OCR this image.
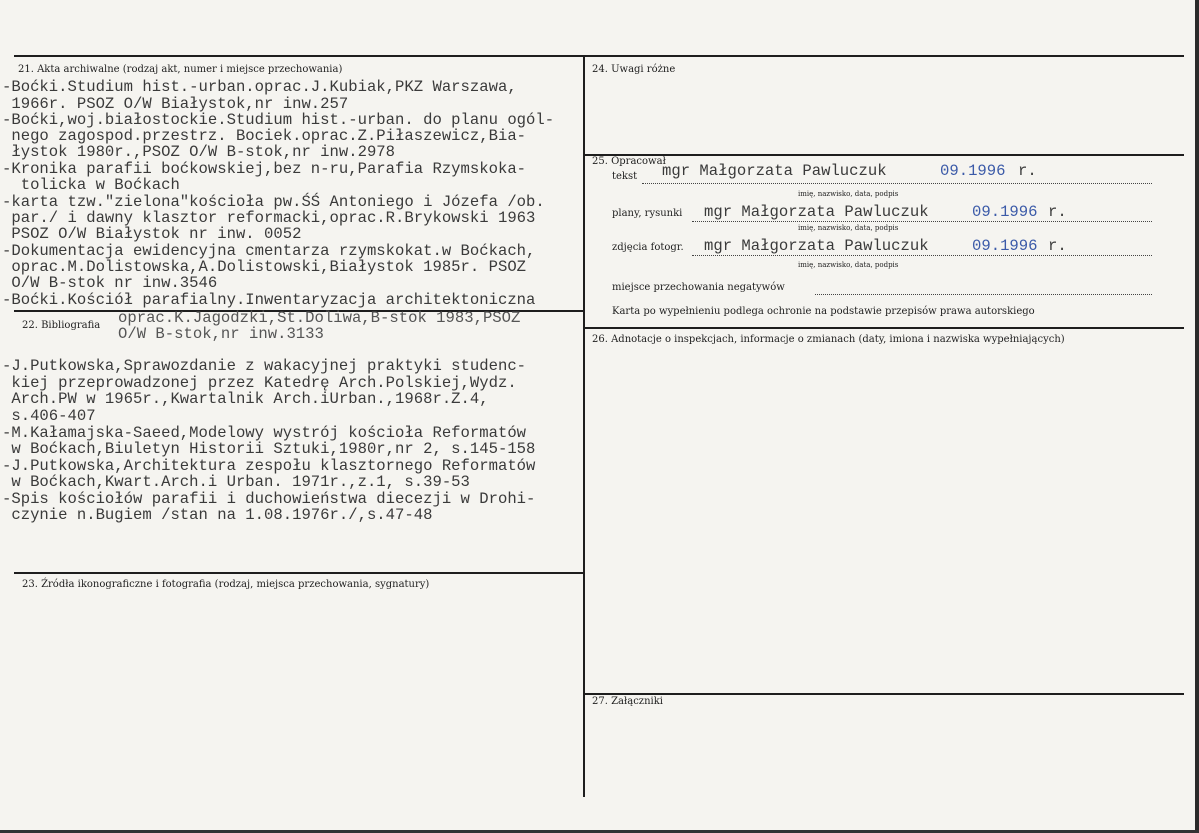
21. Akta archiwalne (rodzaj akt, numer i miejsce przechowania)
-Boćki.Studium hist.-urban.oprac.J.Kubiak,PKZ Warszawa,
1966r. PSOZ O/W Białystok,nr inw.257
-Boćki,woj.białostockie.Studium hist.-urban. do planu ogól-
nego zagospod.przestrz. Bociek.oprac.Z.Piłaszewicz,Bia-
łystok 1980r.,PSOZ O/W B-stok,nr inw.2978
-Kronika parafii boćkowskiej,bez n-ru,Parafia Rzymskoka-
tolicka w Boćkach
-karta tzw."zielona"kościoła pw.ŚŚ Antoniego i Józefa /ob.
par./ i dawny klasztor reformacki,oprac.R.Brykowski 1963
PSOZ O/W Białystok nr inw. 0052
-Dokumentacja ewidencyjna cmentarza rzymskokat.w Boćkach,
oprac.M.Dolistowska,A.Dolistowski,Białystok 1985r. PSOZ
O/W B-stok nr inw.3546
-Boćki.Kościół parafialny.Inwentaryzacja architektoniczna
22. Bibliografia oprac.K.Jagodzki,St.Doliwa,B-stok 1983,PSOZ
O/W B-stok,nr inw.3133
-J.Putkowska,Sprawozdanie z wakacyjnej praktyki studenc-
kiej przeprowadzonej przez Katedrę Arch.Polskiej,Wydz.
Arch.PW w 1965r.,Kwartalnik Arch.iUrban.,1968r.Z.4,
s.406-407
-M.Kałamajska-Saeed,Modelowy wystrój kościoła Reformatów
w Boćkach,Biuletyn Historii Sztuki,1980r,nr 2, s.145-158
-J.Putkowska,Architektura zespołu klasztornego Reformatów
w Boćkach,Kwart.Arch.i Urban. 1971r.,z.1, s.39-53
-Spis kościołów parafii i duchowieństwa diecezji w Drohi-
czynie n.Bugiem /stan na 1.08.1976r./,s.47-48
23. Źródła ikonograficzne i fotografia (rodzaj, miejsca przechowania, sygnatury)
24. Uwagi różne
25. Opracował
tekst mgr Małgorzata Pawluczuk	09.1996 r.
imię, nazwisko, data, podpis
plany, rysunki mgr Małgorzata Pawluczuk	09.1996 r.
imię, nazwisko, data, podpis
zdjęcia fotogr. mgr Małgorzata Pawluczuk	09.1996 r.
imię, nazwisko, data, podpis
miejsce przechowania negatywów
Karta po wypełnieniu podlega ochronie na podstawie przepisów prawa autorskiego
26. Adnotacje o inspekcjach, informacje o zmianach (daty, imiona i nazwiska wypełniających)
27. Załączniki
